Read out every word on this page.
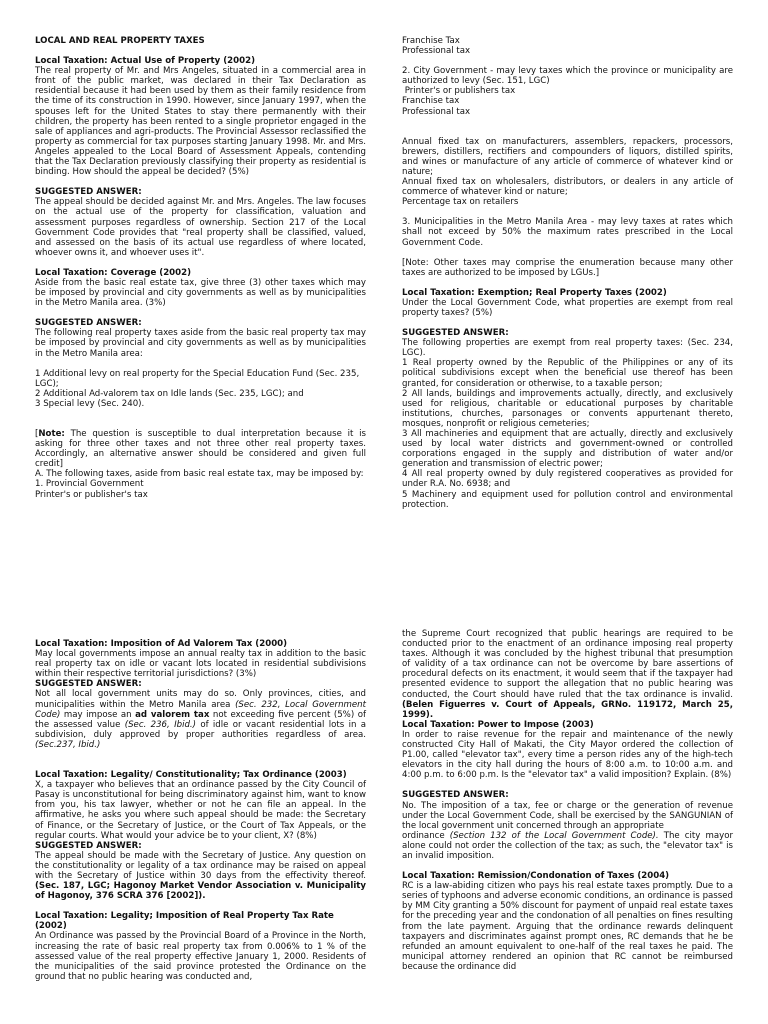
LOCAL AND REAL PROPERTY TAXES

Local Taxation: Actual Use of Property (2002)

The real property of Mr. and Mrs Angeles, situated in a commercial area in front of the public market, was declared in their Tax Declaration as residential because it had been used by them as their family residence from the time of its construction in 1990. However, since January 1997, when the spouses left for the United States to stay there permanently with their children, the property has been rented to a single proprietor engaged in the sale of appliances and agri-products. The Provincial Assessor reclassified the property as commercial for tax purposes starting January 1998. Mr. and Mrs. Angeles appealed to the Local Board of Assessment Appeals, contending that the Tax Declaration previously classifying their property as residential is binding. How should the appeal be decided? (5%)

SUGGESTED ANSWER:

The appeal should be decided against Mr. and Mrs. Angeles. The law focuses on the actual use of the property for classification, valuation and assessment purposes regardless of ownership. Section 217 of the Local Government Code provides that "real property shall be classified, valued, and assessed on the basis of its actual use regardless of where located, whoever owns it, and whoever uses it".

Local Taxation: Coverage (2002)

Aside from the basic real estate tax, give three (3) other taxes which may be imposed by provincial and city governments as well as by municipalities in the Metro Manila area. (3%)

SUGGESTED ANSWER:

The following real property taxes aside from the basic real property tax may be imposed by provincial and city governments as well as by municipalities in the Metro Manila area:

1 Additional levy on real property for the Special Education Fund (Sec. 235, LGC);

2 Additional Ad-valorem tax on Idle lands (Sec. 235, LGC); and

3 Special levy (Sec. 240).

[Note: The question is susceptible to dual interpretation because it is asking for three other taxes and not three other real property taxes. Accordingly, an alternative answer should be considered and given full credit]

A. The following taxes, aside from basic real estate tax, may be imposed by:

1. Provincial Government

Printer's or publisher's tax

Franchise Tax

Professional tax

2. City Government - may levy taxes which the province or municipality are authorized to levy (Sec. 151, LGC)

Printer's or publishers tax

Franchise tax

Professional tax

Annual fixed tax on manufacturers, assemblers, repackers, processors, brewers, distillers, rectifiers and compounders of liquors, distilled spirits, and wines or manufacture of any article of commerce of whatever kind or nature;

Annual fixed tax on wholesalers, distributors, or dealers in any article of commerce of whatever kind or nature;

Percentage tax on retailers

3. Municipalities in the Metro Manila Area - may levy taxes at rates which shall not exceed by 50% the maximum rates prescribed in the Local Government Code.

[Note: Other taxes may comprise the enumeration because many other taxes are authorized to be imposed by LGUs.]

Local Taxation: Exemption; Real Property Taxes (2002)

Under the Local Government Code, what properties are exempt from real property taxes? (5%)

SUGGESTED ANSWER:

The following properties are exempt from real property taxes: (Sec. 234, LGC).

1 Real property owned by the Republic of the Philippines or any of its political subdivisions except when the beneficial use thereof has been granted, for consideration or otherwise, to a taxable person;

2 All lands, buildings and improvements actually, directly, and exclusively used for religious, charitable or educational purposes by charitable institutions, churches, parsonages or convents appurtenant thereto, mosques, nonprofit or religious cemeteries;

3 All machineries and equipment that are actually, directly and exclusively used by local water districts and government-owned or controlled corporations engaged in the supply and distribution of water and/or generation and transmission of electric power;

4 All real property owned by duly registered cooperatives as provided for under R.A. No. 6938; and

5 Machinery and equipment used for pollution control and environmental protection.

Local Taxation: Imposition of Ad Valorem Tax (2000)

May local governments impose an annual realty tax in addition to the basic real property tax on idle or vacant lots located in residential subdivisions within their respective territorial jurisdictions? (3%)

SUGGESTED ANSWER:

Not all local government units may do so. Only provinces, cities, and municipalities within the Metro Manila area (Sec. 232, Local Government Code) may impose an ad valorem tax not exceeding five percent (5%) of the assessed value (Sec. 236, Ibid.) of idle or vacant residential lots in a subdivision, duly approved by proper authorities regardless of area. (Sec.237, Ibid.)

Local Taxation: Legality/ Constitutionality; Tax Ordinance (2003)

X, a taxpayer who believes that an ordinance passed by the City Council of Pasay is unconstitutional for being discriminatory against him, want to know from you, his tax lawyer, whether or not he can file an appeal. In the affirmative, he asks you where such appeal should be made: the Secretary of Finance, or the Secretary of Justice, or the Court of Tax Appeals, or the regular courts. What would your advice be to your client, X? (8%)

SUGGESTED ANSWER:

The appeal should be made with the Secretary of Justice. Any question on the constitutionality or legality of a tax ordinance may be raised on appeal with the Secretary of Justice within 30 days from the effectivity thereof. (Sec. 187, LGC; Hagonoy Market Vendor Association v. Municipality of Hagonoy, 376 SCRA 376 [2002]).

Local Taxation: Legality; Imposition of Real Property Tax Rate (2002)

An Ordinance was passed by the Provincial Board of a Province in the North, increasing the rate of basic real property tax from 0.006% to 1 % of the assessed value of the real property effective January 1, 2000. Residents of the municipalities of the said province protested the Ordinance on the ground that no public hearing was conducted and,

the Supreme Court recognized that public hearings are required to be conducted prior to the enactment of an ordinance imposing real property taxes. Although it was concluded by the highest tribunal that presumption of validity of a tax ordinance can not be overcome by bare assertions of procedural defects on its enactment, it would seem that if the taxpayer had presented evidence to support the allegation that no public hearing was conducted, the Court should have ruled that the tax ordinance is invalid. (Belen Figuerres v. Court of Appeals, GRNo. 119172, March 25, 1999).

Local Taxation: Power to Impose (2003)

In order to raise revenue for the repair and maintenance of the newly constructed City Hall of Makati, the City Mayor ordered the collection of P1.00, called "elevator tax", every time a person rides any of the high-tech elevators in the city hall during the hours of 8:00 a.m. to 10:00 a.m. and 4:00 p.m. to 6:00 p.m. Is the "elevator tax" a valid imposition? Explain. (8%)

SUGGESTED ANSWER:

No. The imposition of a tax, fee or charge or the generation of revenue under the Local Government Code, shall be exercised by the SANGUNIAN of the local government unit concerned through an appropriate

ordinance (Section 132 of the Local Government Code). The city mayor alone could not order the collection of the tax; as such, the "elevator tax" is an invalid imposition.

Local Taxation: Remission/Condonation of Taxes (2004)

RC is a law-abiding citizen who pays his real estate taxes promptly. Due to a series of typhoons and adverse economic conditions, an ordinance is passed by MM City granting a 50% discount for payment of unpaid real estate taxes for the preceding year and the condonation of all penalties on fines resulting from the late payment. Arguing that the ordinance rewards delinquent taxpayers and discriminates against prompt ones, RC demands that he be refunded an amount equivalent to one-half of the real taxes he paid. The municipal attorney rendered an opinion that RC cannot be reimbursed because the ordinance did
